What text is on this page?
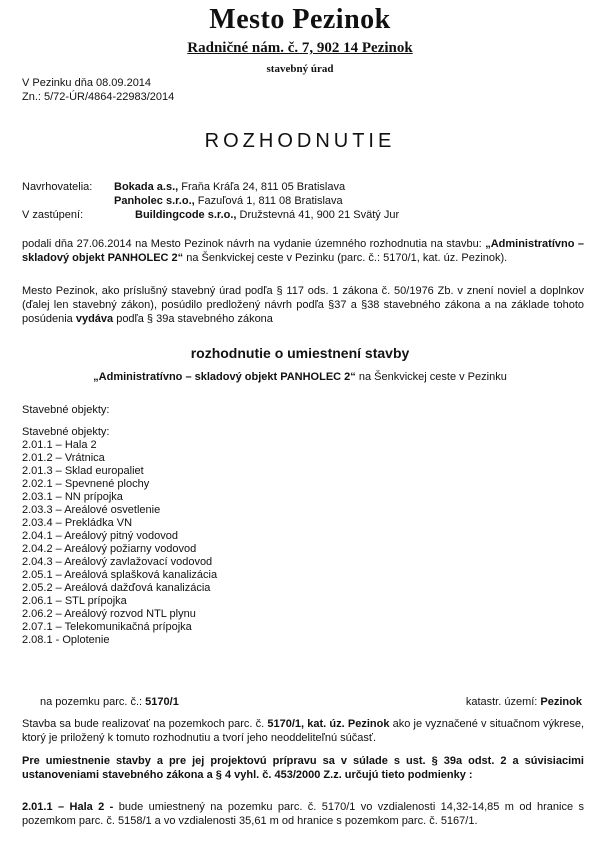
Mesto Pezinok
Radničné nám. č. 7, 902 14 Pezinok
stavebný úrad
V Pezinku dňa 08.09.2014
Zn.: 5/72-ÚR/4864-22983/2014
ROZHODNUTIE
Navrhovatelia:	Bokada a.s., Fraňa Kráľa 24, 811 05 Bratislava
Panholec s.r.o., Fazuľová 1, 811 08 Bratislava
V zastúpení:	Buildingcode s.r.o., Družstevná 41, 900 21 Svätý Jur
podali dňa 27.06.2014 na Mesto Pezinok návrh na vydanie územného rozhodnutia na stavbu: „Administratívno – skladový objekt PANHOLEC 2“ na Šenkvickej ceste v Pezinku (parc. č.: 5170/1, kat. úz. Pezinok).
Mesto Pezinok, ako príslušný stavebný úrad podľa § 117 ods. 1 zákona č. 50/1976 Zb. v znení noviel a doplnkov (ďalej len stavebný zákon), posúdilo predložený návrh podľa §37 a §38 stavebného zákona a na základe tohoto posúdenia vydáva podľa § 39a stavebného zákona
rozhodnutie o umiestnení stavby
„Administratívno – skladový objekt PANHOLEC 2“ na Šenkvickej ceste v Pezinku
Stavebné objekty:
Stavebné objekty:
2.01.1 – Hala 2
2.01.2 – Vrátnica
2.01.3 – Sklad europaliet
2.02.1 – Spevnené plochy
2.03.1 – NN prípojka
2.03.3 – Areálové osvetlenie
2.03.4 – Prekládka VN
2.04.1 – Areálový pitný vodovod
2.04.2 – Areálový požiarny vodovod
2.04.3 – Areálový zavlažovací vodovod
2.05.1 – Areálová splašková kanalizácia
2.05.2 – Areálová dažďová kanalizácia
2.06.1 – STL prípojka
2.06.2 – Areálový rozvod NTL plynu
2.07.1 – Telekomunikačná prípojka
2.08.1 - Oplotenie
na pozemku parc. č.: 5170/1	katastr. území: Pezinok
Stavba sa bude realizovať na pozemkoch parc. č. 5170/1, kat. úz. Pezinok ako je vyznačené v situačnom výkrese, ktorý je priložený k tomuto rozhodnutiu a tvorí jeho neoddeliteľnú súčasť.
Pre umiestnenie stavby a pre jej projektovú prípravu sa v súlade s ust. § 39a odst. 2 a súvisiacimi ustanoveniami stavebného zákona a § 4 vyhl. č. 453/2000 Z.z. určujú tieto podmienky :
2.01.1 – Hala 2 - bude umiestnený na pozemku parc. č. 5170/1 vo vzdialenosti 14,32-14,85 m od hranice s pozemkom parc. č. 5158/1 a vo vzdialenosti 35,61 m od hranice s pozemkom parc. č. 5167/1.
